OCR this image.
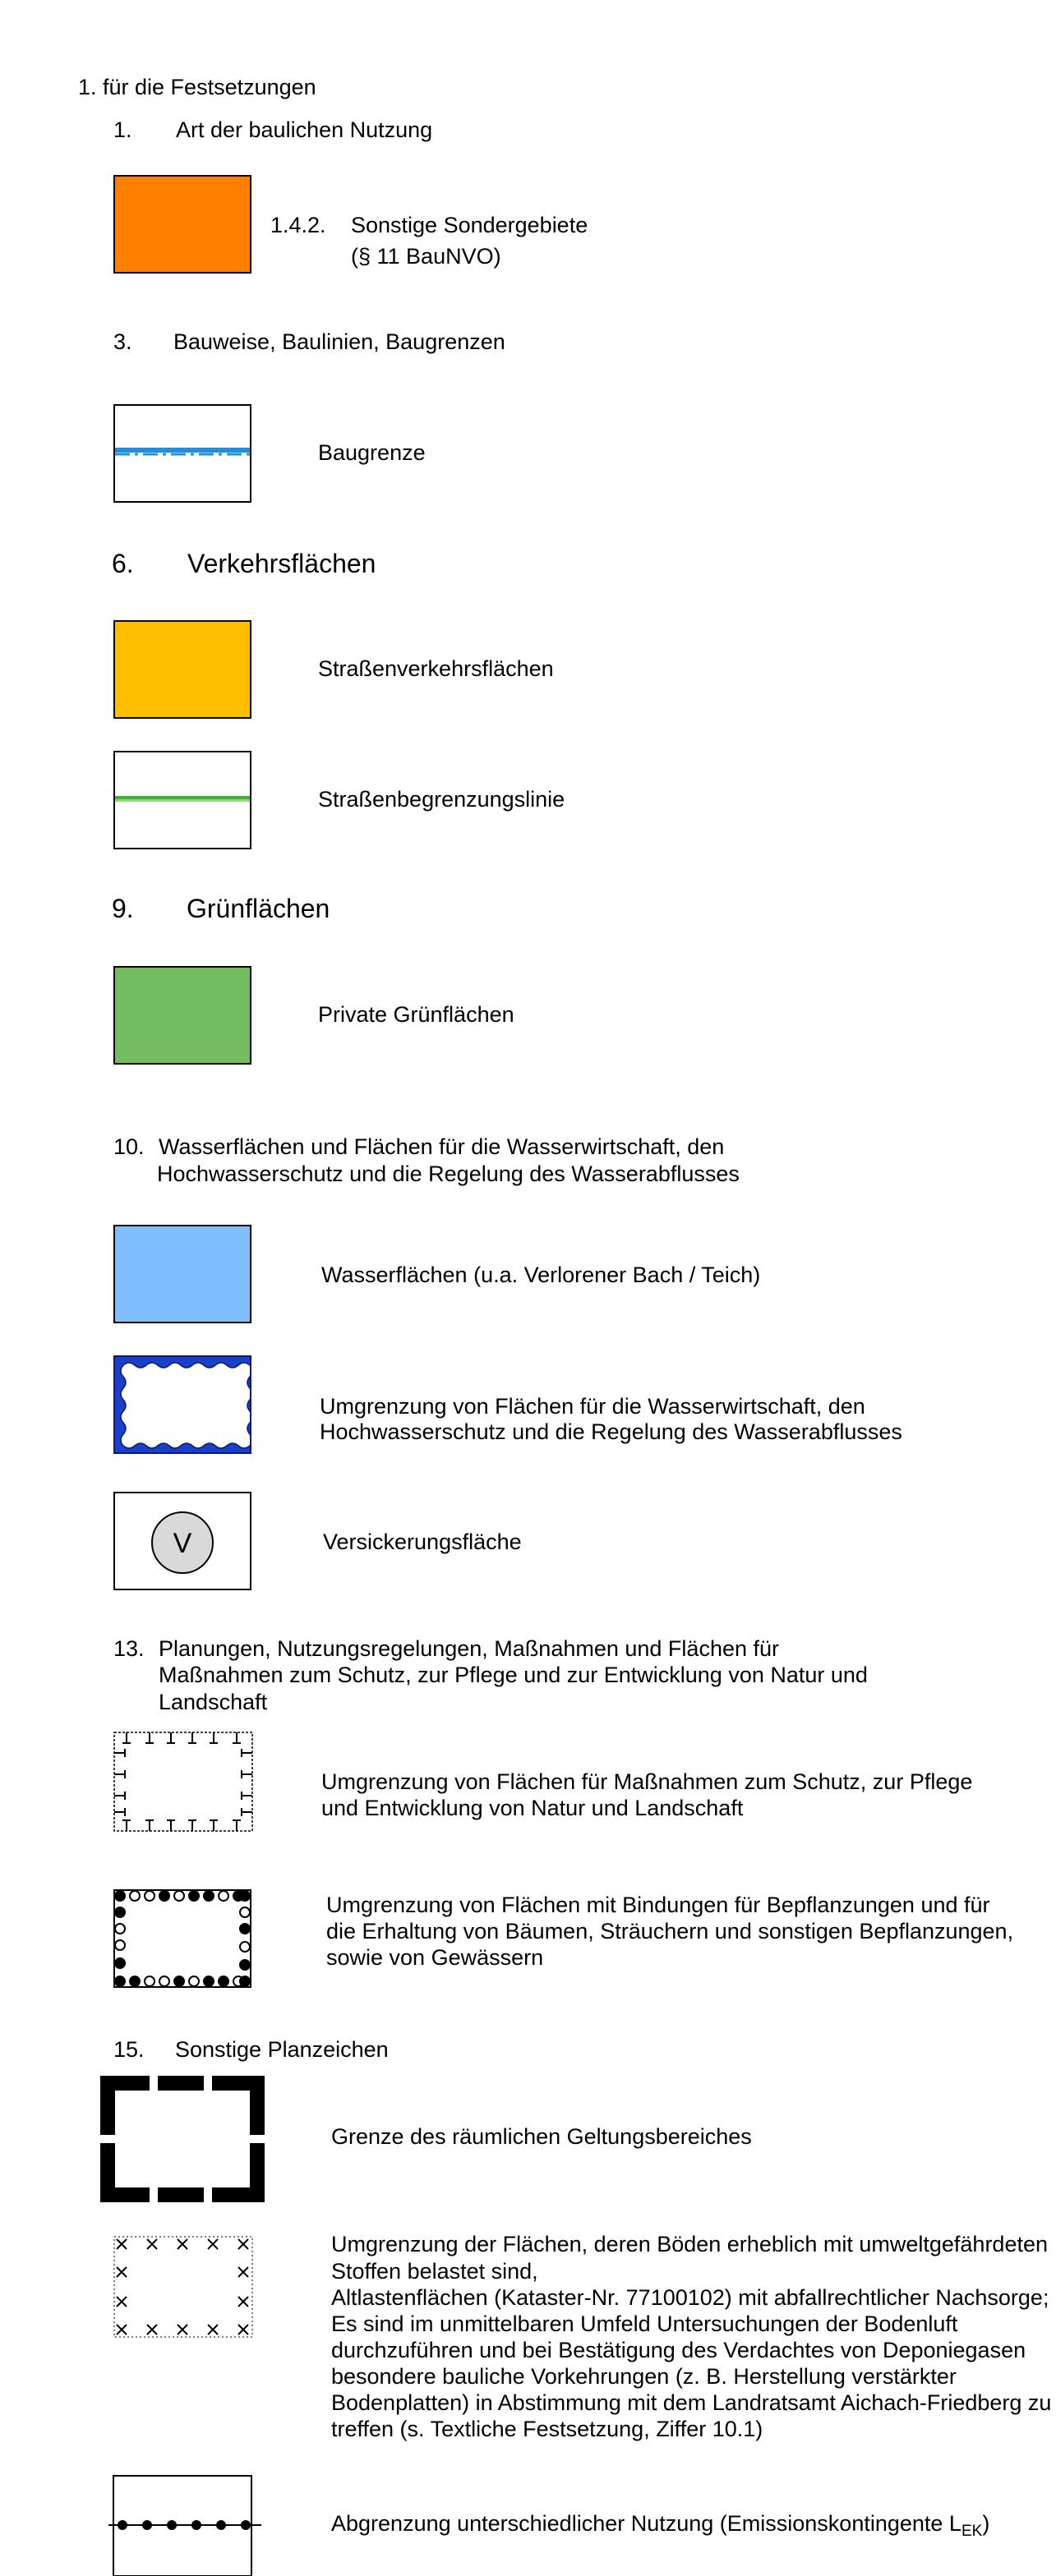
1. für die Festsetzungen
1. Art der baulichen Nutzung
1.4.2. Sonstige Sondergebiete
(§ 11 BauNVO)
3. Bauweise, Baulinien, Baugrenzen
Baugrenze
6. Verkehrsflächen
Straßenverkehrsflächen
Straßenbegrenzungslinie
9. Grünflächen
Private Grünflächen
10. Wasserflächen und Flächen für die Wasserwirtschaft, den
Hochwasserschutz und die Regelung des Wasserabflusses
Wasserflächen (u.a. Verlorener Bach / Teich)
Umgrenzung von Flächen für die Wasserwirtschaft, den
Hochwasserschutz und die Regelung des Wasserabflusses
V	Versickerungsfläche
13. Planungen, Nutzungsregelungen, Maßnahmen und Flächen für
Maßnahmen zum Schutz, zur Pflege und zur Entwicklung von Natur und
Landschaft
Umgrenzung von Flächen für Maßnahmen zum Schutz, zur Pflege
und Entwicklung von Natur und Landschaft
Umgrenzung von Flächen mit Bindungen für Bepflanzungen und für
die Erhaltung von Bäumen, Sträuchern und sonstigen Bepflanzungen,
sowie von Gewässern
15. Sonstige Planzeichen
Grenze des räumlichen Geltungsbereiches
Umgrenzung der Flächen, deren Böden erheblich mit umweltgefährdeten
Stoffen belastet sind,
Altlastenflächen (Kataster-Nr. 77100102) mit abfallrechtlicher Nachsorge;
Es sind im unmittelbaren Umfeld Untersuchungen der Bodenluft
durchzuführen und bei Bestätigung des Verdachtes von Deponiegasen
besondere bauliche Vorkehrungen (z. B. Herstellung verstärkter
Bodenplatten) in Abstimmung mit dem Landratsamt Aichach-Friedberg zu
treffen (s. Textliche Festsetzung, Ziffer 10.1)
Abgrenzung unterschiedlicher Nutzung (Emissionskontingente $L_{EK}$)
